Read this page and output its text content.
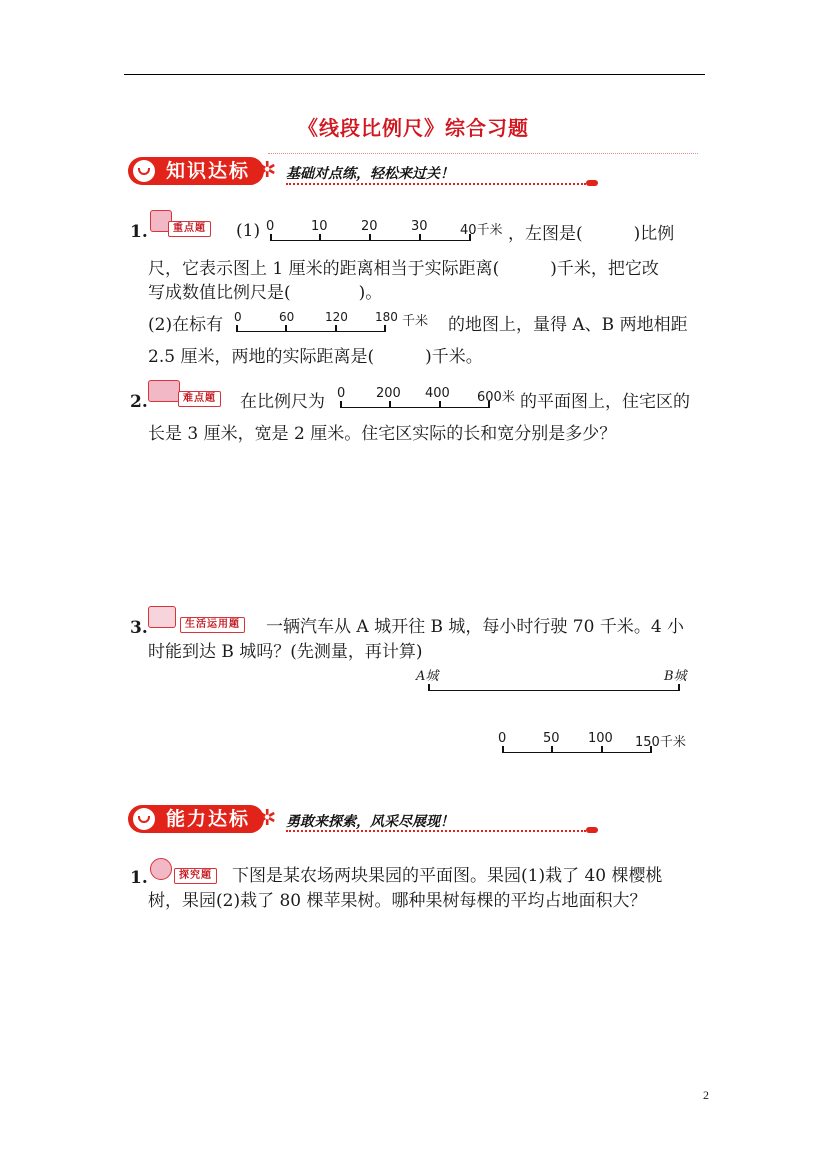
《线段比例尺》综合习题
知识达标 ✲ 基础对点练，轻松来过关！
1.	重点题 (1) 0	10	20	30 40千米 ，左图是(　　　)比例
尺，它表示图上 1 厘米的距离相当于实际距离(　　　)千米，把它改
写成数值比例尺是(　　　　)。
(2)在标有 0	60	120 180 千米 的地图上，量得 A、B 两地相距
2.5 厘米，两地的实际距离是(　　　)千米。
2.	难点题 在比例尺为 0 200 400 600米 的平面图上，住宅区的
长是 3 厘米，宽是 2 厘米。住宅区实际的长和宽分别是多少？
3.	生活运用题 一辆汽车从 A 城开往 B 城，每小时行驶 70 千米。4 小
时能到达 B 城吗？(先测量，再计算)
A城	B城
0	50 100 150千米
能力达标 ✲ 勇敢来探索，风采尽展现！
1.	探究题 下图是某农场两块果园的平面图。果园(1)栽了 40 棵樱桃
树，果园(2)栽了 80 棵苹果树。哪种果树每棵的平均占地面积大？
2
